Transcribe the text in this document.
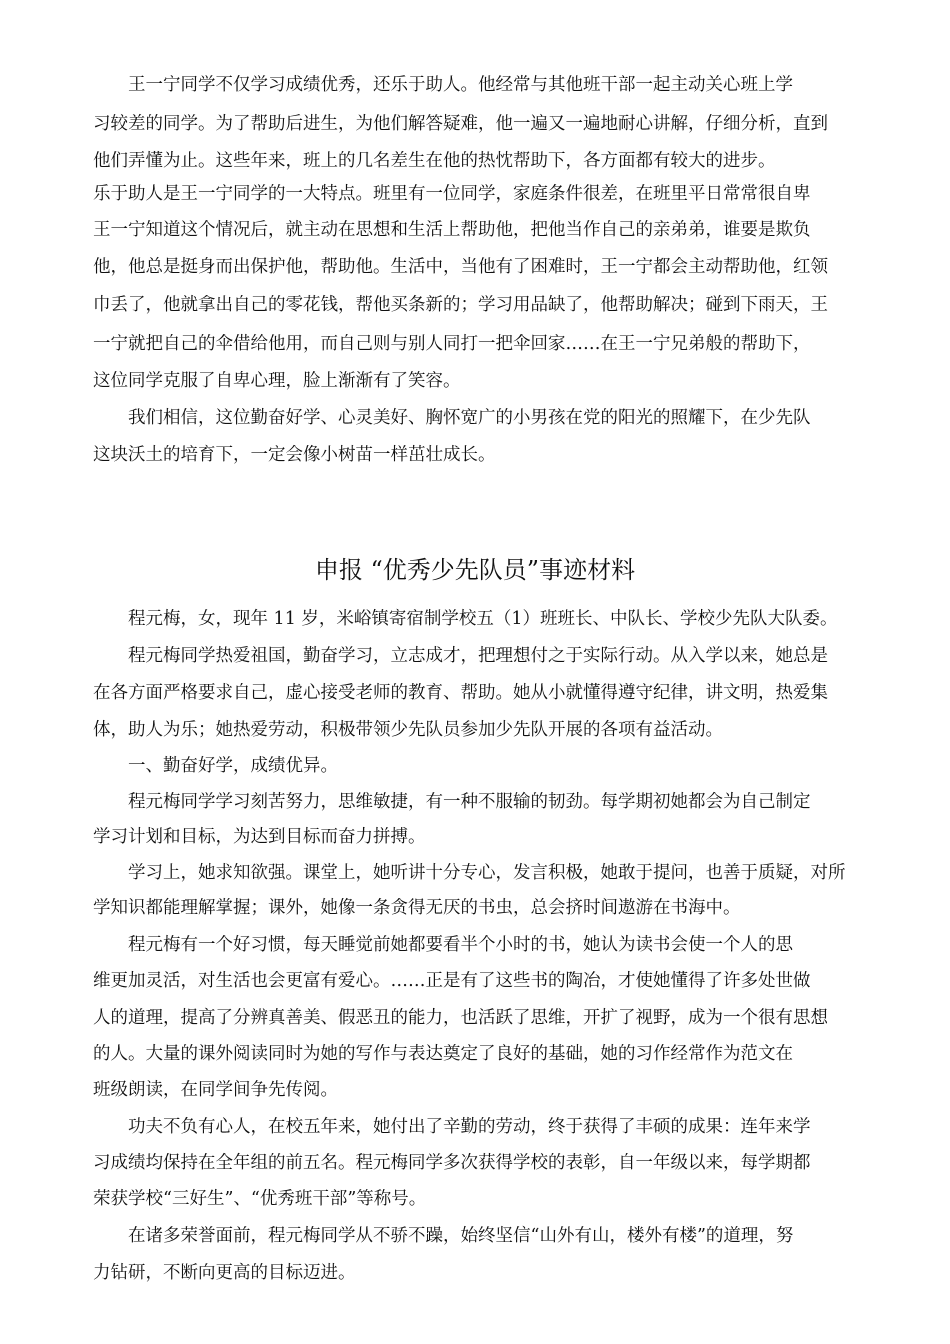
　　王一宁同学不仅学习成绩优秀，还乐于助人。他经常与其他班干部一起主动关心班上学
习较差的同学。为了帮助后进生，为他们解答疑难，他一遍又一遍地耐心讲解，仔细分析，直到
他们弄懂为止。这些年来，班上的几名差生在他的热忱帮助下，各方面都有较大的进步。
乐于助人是王一宁同学的一大特点。班里有一位同学，家庭条件很差，在班里平日常常很自卑
王一宁知道这个情况后，就主动在思想和生活上帮助他，把他当作自己的亲弟弟，谁要是欺负
他，他总是挺身而出保护他，帮助他。生活中，当他有了困难时，王一宁都会主动帮助他，红领
巾丢了，他就拿出自己的零花钱，帮他买条新的；学习用品缺了，他帮助解决；碰到下雨天，王
一宁就把自己的伞借给他用，而自己则与别人同打一把伞回家……在王一宁兄弟般的帮助下，
这位同学克服了自卑心理，脸上渐渐有了笑容。
　　我们相信，这位勤奋好学、心灵美好、胸怀宽广的小男孩在党的阳光的照耀下，在少先队
这块沃土的培育下，一定会像小树苗一样茁壮成长。
申报 “优秀少先队员”事迹材料
　　程元梅，女，现年 11 岁，米峪镇寄宿制学校五（1）班班长、中队长、学校少先队大队委。
　　程元梅同学热爱祖国，勤奋学习，立志成才，把理想付之于实际行动。从入学以来，她总是
在各方面严格要求自己，虚心接受老师的教育、帮助。她从小就懂得遵守纪律，讲文明，热爱集
体，助人为乐；她热爱劳动，积极带领少先队员参加少先队开展的各项有益活动。
　　一、勤奋好学，成绩优异。
　　程元梅同学学习刻苦努力，思维敏捷，有一种不服输的韧劲。每学期初她都会为自己制定
学习计划和目标，为达到目标而奋力拼搏。
　　学习上，她求知欲强。课堂上，她听讲十分专心，发言积极，她敢于提问，也善于质疑，对所
学知识都能理解掌握；课外，她像一条贪得无厌的书虫，总会挤时间遨游在书海中。
　　程元梅有一个好习惯，每天睡觉前她都要看半个小时的书，她认为读书会使一个人的思
维更加灵活，对生活也会更富有爱心。……正是有了这些书的陶冶，才使她懂得了许多处世做
人的道理，提高了分辨真善美、假恶丑的能力，也活跃了思维，开扩了视野，成为一个很有思想
的人。大量的课外阅读同时为她的写作与表达奠定了良好的基础，她的习作经常作为范文在
班级朗读，在同学间争先传阅。
　　功夫不负有心人，在校五年来，她付出了辛勤的劳动，终于获得了丰硕的成果：连年来学
习成绩均保持在全年组的前五名。程元梅同学多次获得学校的表彰，自一年级以来，每学期都
荣获学校“三好生”、“优秀班干部”等称号。
　　在诸多荣誉面前，程元梅同学从不骄不躁，始终坚信“山外有山，楼外有楼”的道理，努
力钻研，不断向更高的目标迈进。
